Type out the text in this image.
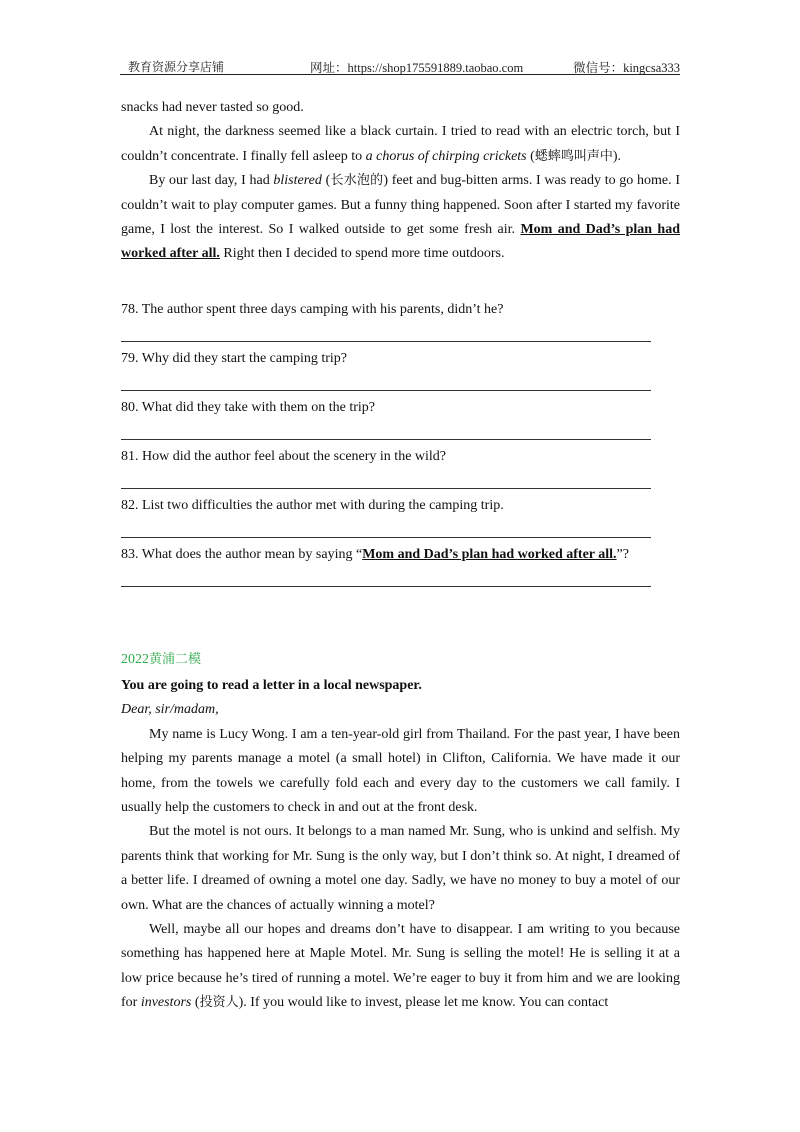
教育资源分享店铺	网址：https://shop175591889.taobao.com	微信号：kingcsa333

snacks had never tasted so good.

At night, the darkness seemed like a black curtain. I tried to read with an electric torch, but I couldn’t concentrate. I finally fell asleep to a chorus of chirping crickets (蟋蟀鸣叫声中).

By our last day, I had blistered (长水泡的) feet and bug-bitten arms. I was ready to go home. I couldn’t wait to play computer games. But a funny thing happened. Soon after I started my favorite game, I lost the interest. So I walked outside to get some fresh air. Mom and Dad’s plan had worked after all. Right then I decided to spend more time outdoors.

78. The author spent three days camping with his parents, didn’t he?
79. Why did they start the camping trip?
80. What did they take with them on the trip?
81. How did the author feel about the scenery in the wild?
82. List two difficulties the author met with during the camping trip.
83. What does the author mean by saying “Mom and Dad’s plan had worked after all.”?
2022黄浦二模

You are going to read a letter in a local newspaper.

Dear, sir/madam,

My name is Lucy Wong. I am a ten-year-old girl from Thailand. For the past year, I have been helping my parents manage a motel (a small hotel) in Clifton, California. We have made it our home, from the towels we carefully fold each and every day to the customers we call family. I usually help the customers to check in and out at the front desk.

But the motel is not ours. It belongs to a man named Mr. Sung, who is unkind and selfish. My parents think that working for Mr. Sung is the only way, but I don’t think so. At night, I dreamed of a better life. I dreamed of owning a motel one day. Sadly, we have no money to buy a motel of our own. What are the chances of actually winning a motel?

Well, maybe all our hopes and dreams don’t have to disappear. I am writing to you because something has happened here at Maple Motel. Mr. Sung is selling the motel! He is selling it at a low price because he’s tired of running a motel. We’re eager to buy it from him and we are looking for investors (投资人). If you would like to invest, please let me know. You can contact
